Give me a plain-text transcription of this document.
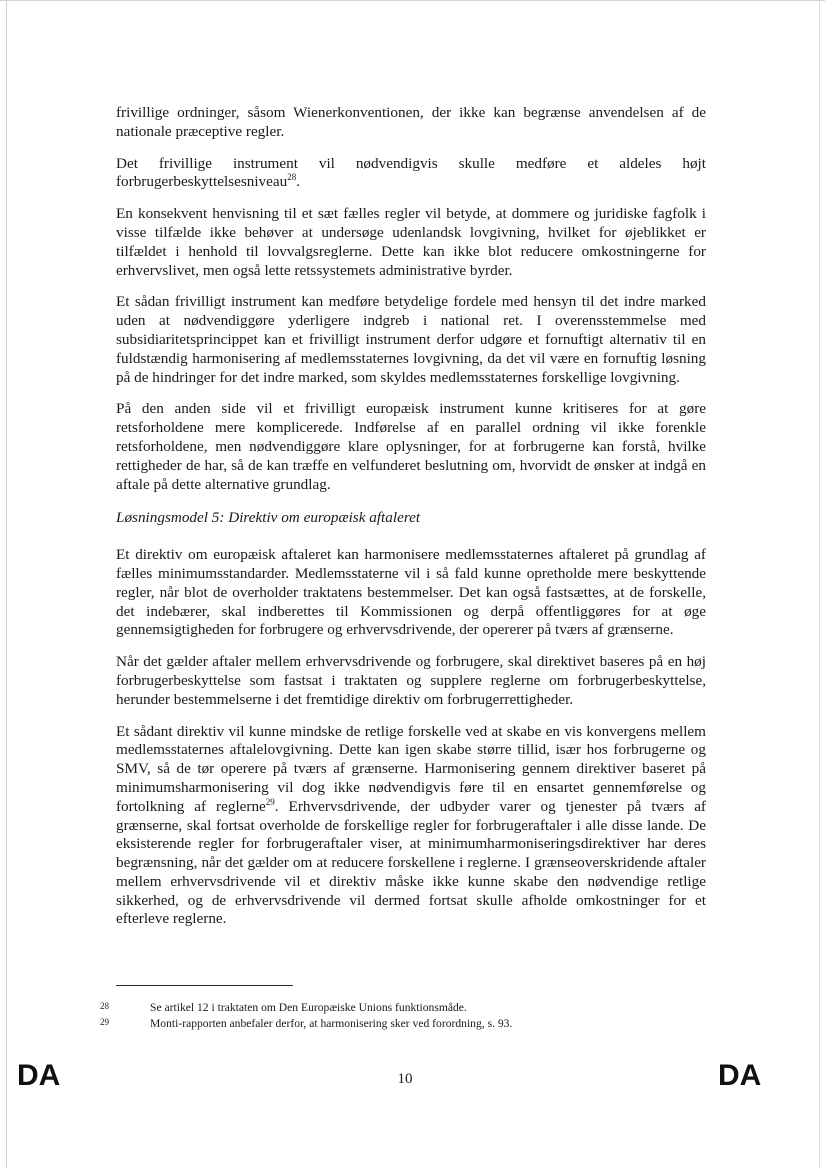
frivillige ordninger, såsom Wienerkonventionen, der ikke kan begrænse anvendelsen af de nationale præceptive regler.

Det frivillige instrument vil nødvendigvis skulle medføre et aldeles højt forbrugerbeskyttelsesniveau$^{28}$.

En konsekvent henvisning til et sæt fælles regler vil betyde, at dommere og juridiske fagfolk i visse tilfælde ikke behøver at undersøge udenlandsk lovgivning, hvilket for øjeblikket er tilfældet i henhold til lovvalgsreglerne. Dette kan ikke blot reducere omkostningerne for erhvervslivet, men også lette retssystemets administrative byrder.

Et sådan frivilligt instrument kan medføre betydelige fordele med hensyn til det indre marked uden at nødvendiggøre yderligere indgreb i national ret. I overensstemmelse med subsidiaritetsprincippet kan et frivilligt instrument derfor udgøre et fornuftigt alternativ til en fuldstændig harmonisering af medlemsstaternes lovgivning, da det vil være en fornuftig løsning på de hindringer for det indre marked, som skyldes medlemsstaternes forskellige lovgivning.

På den anden side vil et frivilligt europæisk instrument kunne kritiseres for at gøre retsforholdene mere komplicerede. Indførelse af en parallel ordning vil ikke forenkle retsforholdene, men nødvendiggøre klare oplysninger, for at forbrugerne kan forstå, hvilke rettigheder de har, så de kan træffe en velfunderet beslutning om, hvorvidt de ønsker at indgå en aftale på dette alternative grundlag.

Løsningsmodel 5: Direktiv om europæisk aftaleret

Et direktiv om europæisk aftaleret kan harmonisere medlemsstaternes aftaleret på grundlag af fælles minimumsstandarder. Medlemsstaterne vil i så fald kunne opretholde mere beskyttende regler, når blot de overholder traktatens bestemmelser. Det kan også fastsættes, at de forskelle, det indebærer, skal indberettes til Kommissionen og derpå offentliggøres for at øge gennemsigtigheden for forbrugere og erhvervsdrivende, der opererer på tværs af grænserne.

Når det gælder aftaler mellem erhvervsdrivende og forbrugere, skal direktivet baseres på en høj forbrugerbeskyttelse som fastsat i traktaten og supplere reglerne om forbrugerbeskyttelse, herunder bestemmelserne i det fremtidige direktiv om forbrugerrettigheder.

Et sådant direktiv vil kunne mindske de retlige forskelle ved at skabe en vis konvergens mellem medlemsstaternes aftalelovgivning. Dette kan igen skabe større tillid, især hos forbrugerne og SMV, så de tør operere på tværs af grænserne. Harmonisering gennem direktiver baseret på minimumsharmonisering vil dog ikke nødvendigvis føre til en ensartet gennemførelse og fortolkning af reglerne$^{29}$. Erhvervsdrivende, der udbyder varer og tjenester på tværs af grænserne, skal fortsat overholde de forskellige regler for forbrugeraftaler i alle disse lande. De eksisterende regler for forbrugeraftaler viser, at minimumharmoniseringsdirektiver har deres begrænsning, når det gælder om at reducere forskellene i reglerne. I grænseoverskridende aftaler mellem erhvervsdrivende vil et direktiv måske ikke kunne skabe den nødvendige retlige sikkerhed, og de erhvervsdrivende vil dermed fortsat skulle afholde omkostninger for et efterleve reglerne.

28	Se artikel 12 i traktaten om Den Europæiske Unions funktionsmåde.
29	Monti-rapporten anbefaler derfor, at harmonisering sker ved forordning, s. 93.
DA	10	DA
